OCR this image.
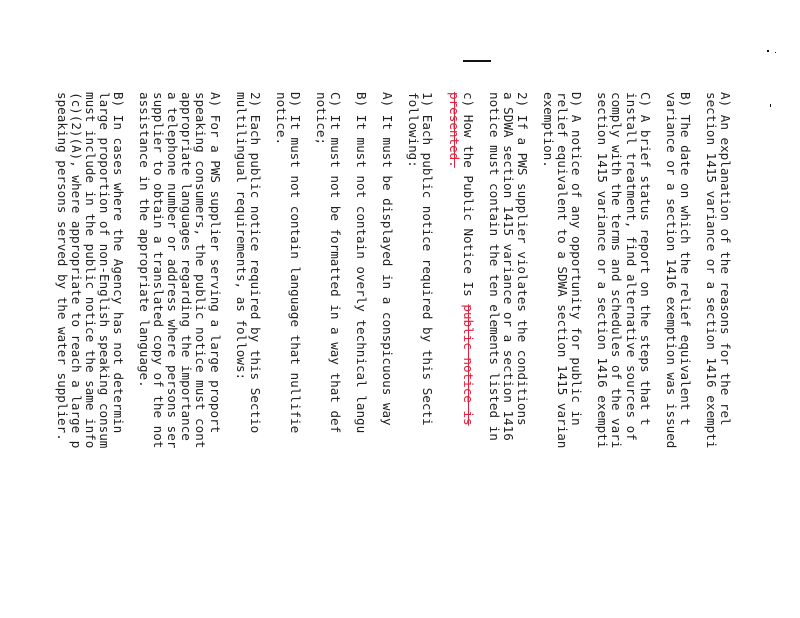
A) An explanation of the reasons for the rel
section 1415 variance or a section 1416 exempti
B) The date on which the relief equivalent t
variance or a section 1416 exemption was issued
C) A brief status report on the steps that t
install treatment, find alternative sources of
comply with the terms and schedules of the vari
section 1415 variance or a section 1416 exempti
D) A notice of any opportunity for public in
relief equivalent to a SDWA section 1415 varian
exemption.
2) If a PWS supplier violates the conditions
a SDWA section 1415 variance or a section 1416
notice must contain the ten elements listed in
c) How the Public Notice Is public notice is
presented.
1) Each public notice required by this Secti
following:
A) It must be displayed in a conspicuous way
B) It must not contain overly technical langu
C) It must not be formatted in a way that def
notice;
D) It must not contain language that nullifie
notice.
2) Each public notice required by this Sectio
multilingual requirements, as follows:
A) For a PWS supplier serving a large proport
speaking consumers, the public notice must cont
appropriate languages regarding the importance
a telephone number or address where persons ser
supplier to obtain a translated copy of the not
assistance in the appropriate language.
B) In cases where the Agency has not determin
large proportion of non-English speaking consum
must include in the public notice the same info
(c)(2)(A), where appropriate to reach a large p
speaking persons served by the water supplier.
